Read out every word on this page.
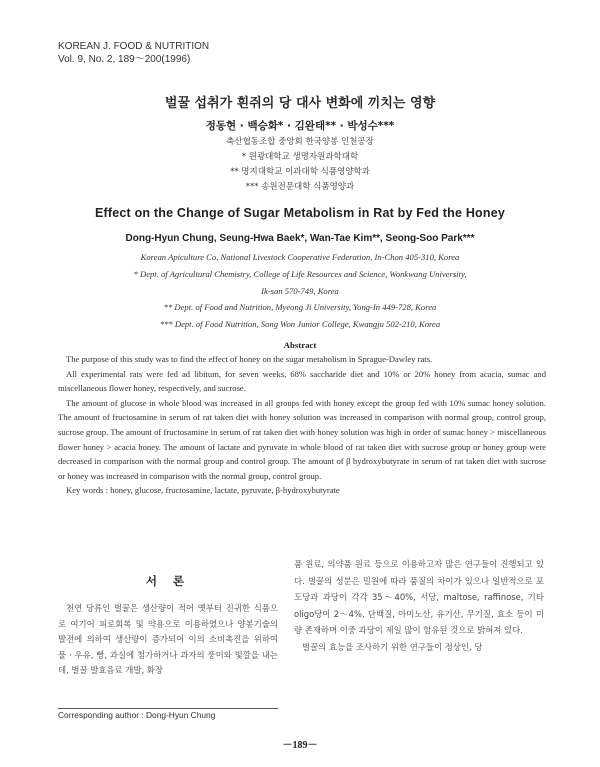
KOREAN J. FOOD & NUTRITION
Vol. 9, No. 2, 189～200(1996)
벌꿀 섭취가 흰쥐의 당 대사 변화에 끼치는 영향
정동현 · 백승화* · 김완태** · 박성수***
축산협동조합 중앙회 한국양봉 인천공장
* 원광대학교 생명자원과학대학
** 명지대학교 이과대학 식품영양학과
*** 송원전문대학 식품영양과
Effect on the Change of Sugar Metabolism in Rat by Fed the Honey
Dong-Hyun Chung, Seung-Hwa Baek*, Wan-Tae Kim**, Seong-Soo Park***
Korean Apiculture Co, National Livestock Cooperative Federation, In-Chon 405-310, Korea
* Dept. of Agricultural Chemistry, College of Life Resources and Science, Wonkwang University,
Ik-san 570-749, Korea
** Dept. of Food and Nutrition, Myeong Ji University, Yong-In 449-728, Korea
*** Dept. of Food Nutrition, Song Won Junior College, Kwangju 502-210, Korea
Abstract

The purpose of this study was to find the effect of honey on the sugar metabolism in Sprague-Dawley rats.

All experimental rats were fed ad libitum, for seven weeks, 68% saccharide diet and 10% or 20% honey from acacia, sumac and miscellaneous flower honey, respectively, and sucrose.

The amount of glucose in whole blood was increased in all groups fed with honey except the group fed with 10% sumac honey solution. The amount of fructosamine in serum of rat taken diet with honey solution was increased in comparison with normal group, control group, sucrose group. The amount of fructosamine in serum of rat taken diet with honey solution was high in order of sumac honey > miscellaneous flower honey > acacia honey. The amount of lactate and pyruvate in whole blood of rat taken diet with sucrose group or honey group were decreased in comparison with the normal group and control group. The amount of β hydroxybutyrate in serum of rat taken diet with sucrose or honey was increased in comparison with the normal group, control group.

Key words : honey, glucose, fructosamine, lactate, pyruvate, β-hydroxybutyrate

서 론
천연 당류인 벌꿀은 생산량이 적어 옛부터 진귀한 식품으로 여기어 피로회복 및 약용으로 이용하였으나 양봉기술의 발전에 의하여 생산량이 증가되어 이의 소비촉진을 위하여 물 · 우유, 빵, 과실에 첨가하거나 과자의 풍미와 빛깔을 내는데, 벌꿀 발효음료 개발, 화장

품 원료, 의약품 원료 등으로 이용하고자 많은 연구들이 진행되고 있다. 벌꿀의 성분은 밀원에 따라 품질의 차이가 있으나 일반적으로 포도당과 과당이 각각 35～40%, 서당, maltose, raffinose, 기타 oligo당이 2～4%, 단백질, 아미노산, 유기산, 무기질, 효소 등이 미량 존재하며 이중 과당이 제일 많이 함유된 것으로 밝혀져 있다.

벌꿀의 효능을 조사하기 위한 연구들이 정상인, 당

Corresponding author : Dong-Hyun Chung
－189－
